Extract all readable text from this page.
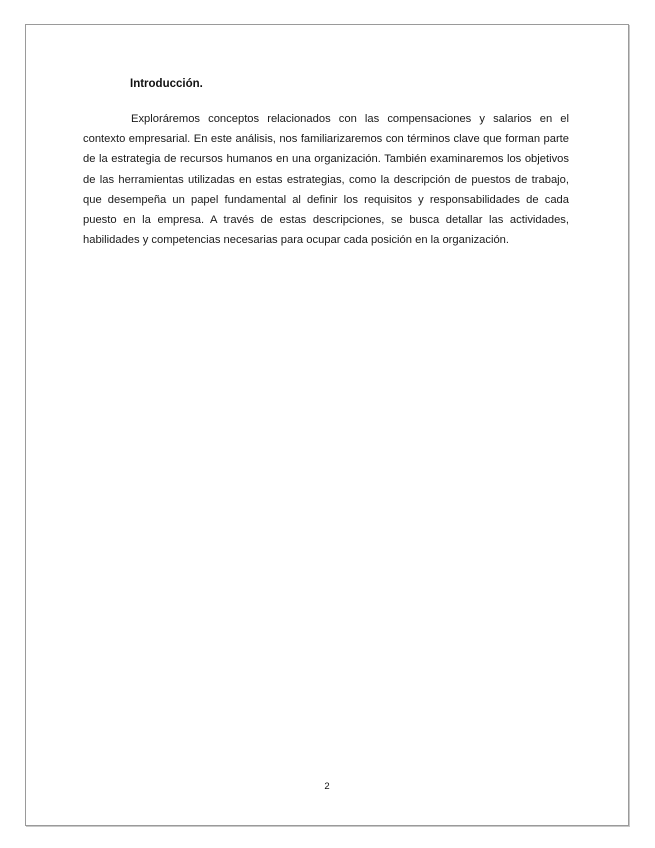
Introducción.

Exploráremos conceptos relacionados con las compensaciones y salarios en el contexto empresarial. En este análisis, nos familiarizaremos con términos clave que forman parte de la estrategia de recursos humanos en una organización. También examinaremos los objetivos de las herramientas utilizadas en estas estrategias, como la descripción de puestos de trabajo, que desempeña un papel fundamental al definir los requisitos y responsabilidades de cada puesto en la empresa. A través de estas descripciones, se busca detallar las actividades, habilidades y competencias necesarias para ocupar cada posición en la organización.

2
